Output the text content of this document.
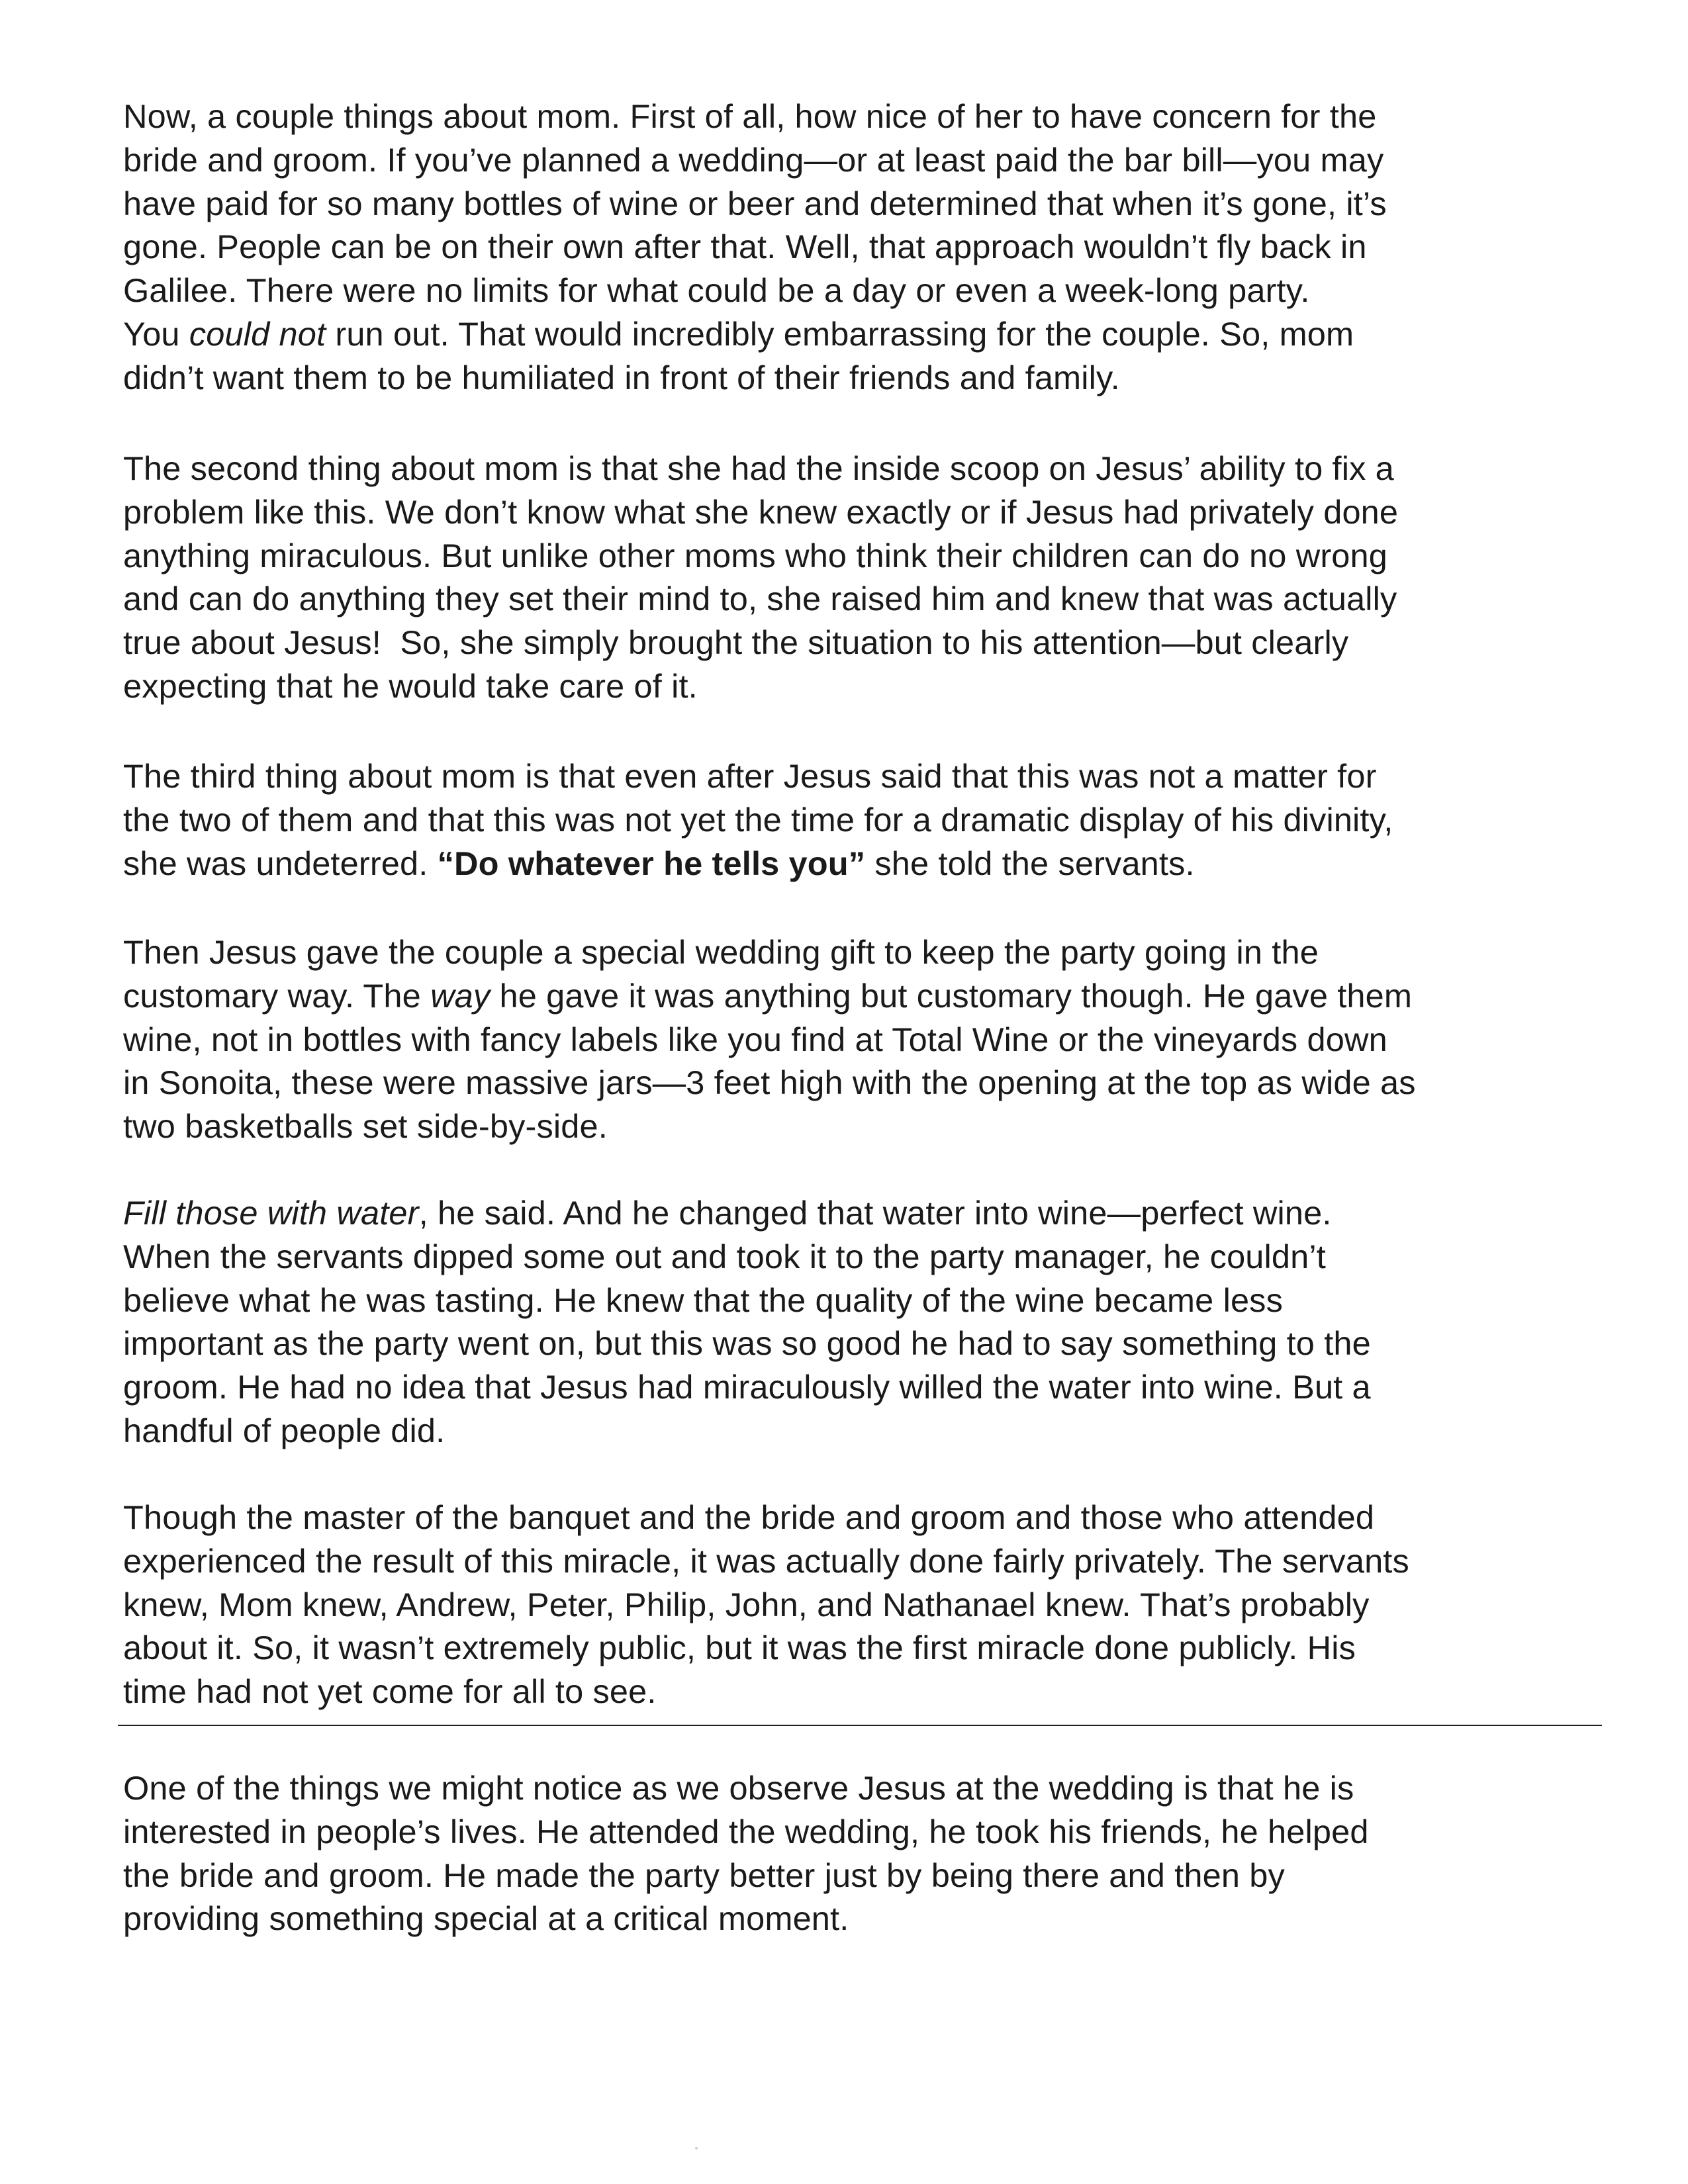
Now, a couple things about mom. First of all, how nice of her to have concern for the
bride and groom. If you’ve planned a wedding—or at least paid the bar bill—you may
have paid for so many bottles of wine or beer and determined that when it’s gone, it’s
gone. People can be on their own after that. Well, that approach wouldn’t fly back in
Galilee. There were no limits for what could be a day or even a week-long party.
You could not run out. That would incredibly embarrassing for the couple. So, mom
didn’t want them to be humiliated in front of their friends and family.

The second thing about mom is that she had the inside scoop on Jesus’ ability to fix a
problem like this. We don’t know what she knew exactly or if Jesus had privately done
anything miraculous. But unlike other moms who think their children can do no wrong
and can do anything they set their mind to, she raised him and knew that was actually
true about Jesus!  So, she simply brought the situation to his attention—but clearly
expecting that he would take care of it.

The third thing about mom is that even after Jesus said that this was not a matter for
the two of them and that this was not yet the time for a dramatic display of his divinity,
she was undeterred. “Do whatever he tells you” she told the servants.

Then Jesus gave the couple a special wedding gift to keep the party going in the
customary way. The way he gave it was anything but customary though. He gave them
wine, not in bottles with fancy labels like you find at Total Wine or the vineyards down
in Sonoita, these were massive jars—3 feet high with the opening at the top as wide as
two basketballs set side-by-side.

Fill those with water, he said. And he changed that water into wine—perfect wine.
When the servants dipped some out and took it to the party manager, he couldn’t
believe what he was tasting. He knew that the quality of the wine became less
important as the party went on, but this was so good he had to say something to the
groom. He had no idea that Jesus had miraculously willed the water into wine. But a
handful of people did.

Though the master of the banquet and the bride and groom and those who attended
experienced the result of this miracle, it was actually done fairly privately. The servants
knew, Mom knew, Andrew, Peter, Philip, John, and Nathanael knew. That’s probably
about it. So, it wasn’t extremely public, but it was the first miracle done publicly. His
time had not yet come for all to see.

One of the things we might notice as we observe Jesus at the wedding is that he is
interested in people’s lives. He attended the wedding, he took his friends, he helped
the bride and groom. He made the party better just by being there and then by
providing something special at a critical moment.
